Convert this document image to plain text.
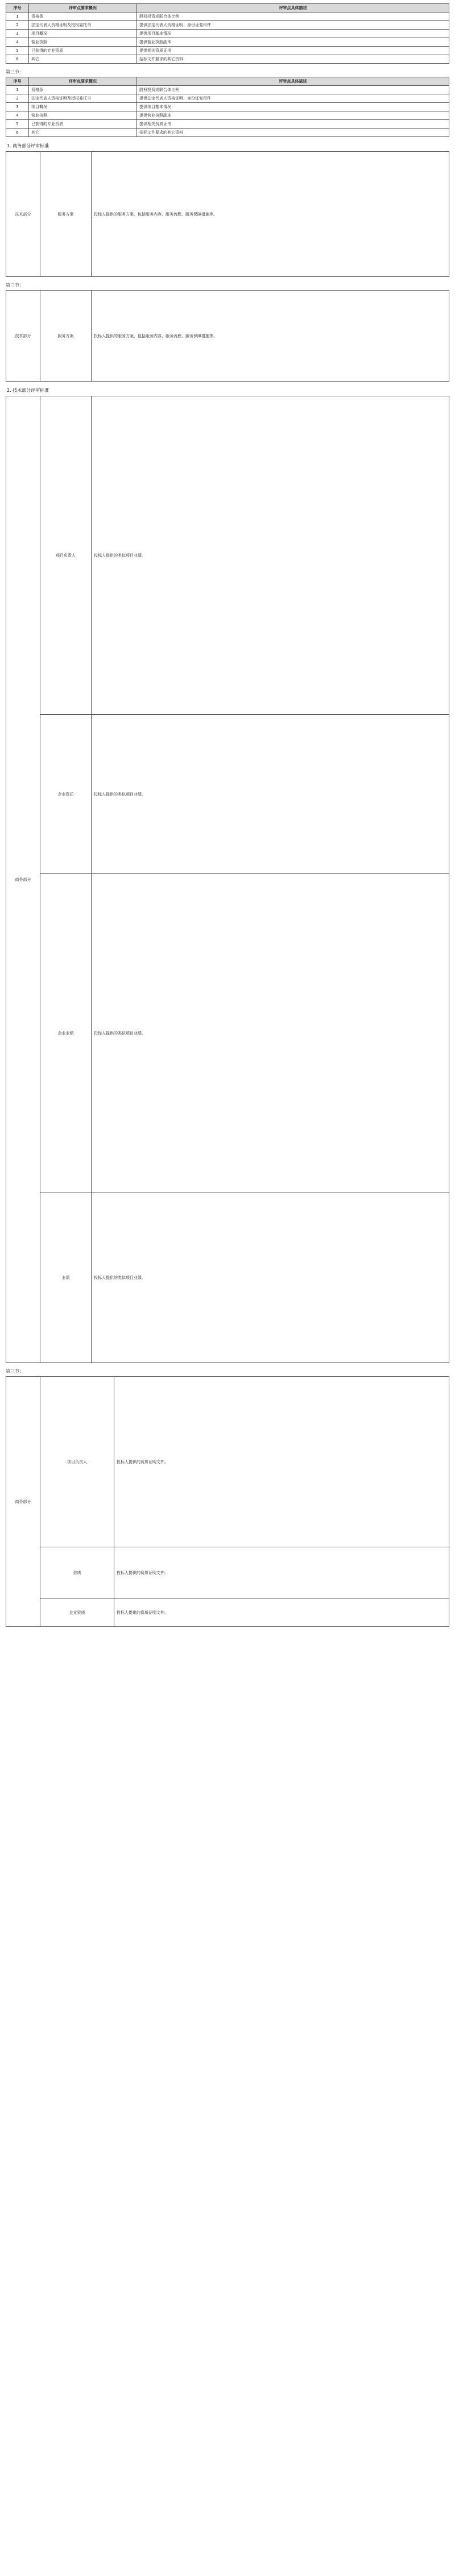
序号	评审点要求概况	评审点具体描述
1	资格条	股权投资或联合体比例
2	法定代表人资格证明及授权委托书	提供法定代表人资格证明、身份证复印件
3	项目概况	提供项目基本情况
4	营业执照	提供营业执照副本
5	已获得的专业资质	提供相关资质证书
6	其它	招标文件要求的其它资料
第三节：
序号	评审点要求概况	评审点具体描述
1	资格条	股权投资或联合体比例
2	法定代表人资格证明及授权委托书	提供法定代表人资格证明、身份证复印件
3	项目概况	提供项目基本情况
4	营业执照	提供营业执照副本
5	已获得的专业资质	提供相关资质证书
6	其它	招标文件要求的其它资料
1. 商务部分评审标准
技术部分	服务方案	投标人提供的服务方案，包括服务内容、服务流程、服务保障措施等。
第三节：
技术部分	服务方案	投标人提供的服务方案，包括服务内容、服务流程、服务保障措施等。
2. 技术部分评审标准
商务部分	项目负责人	投标人提供的类似项目业绩。
	企业资质	投标人提供的类似项目业绩。
	企业业绩	投标人提供的类似项目业绩。
	业绩	投标人提供的类似项目业绩。
第三节：
商务部分	项目负责人	投标人提供的资质证明文件。
	资质	投标人提供的资质证明文件。
	企业资质	投标人提供的资质证明文件。
